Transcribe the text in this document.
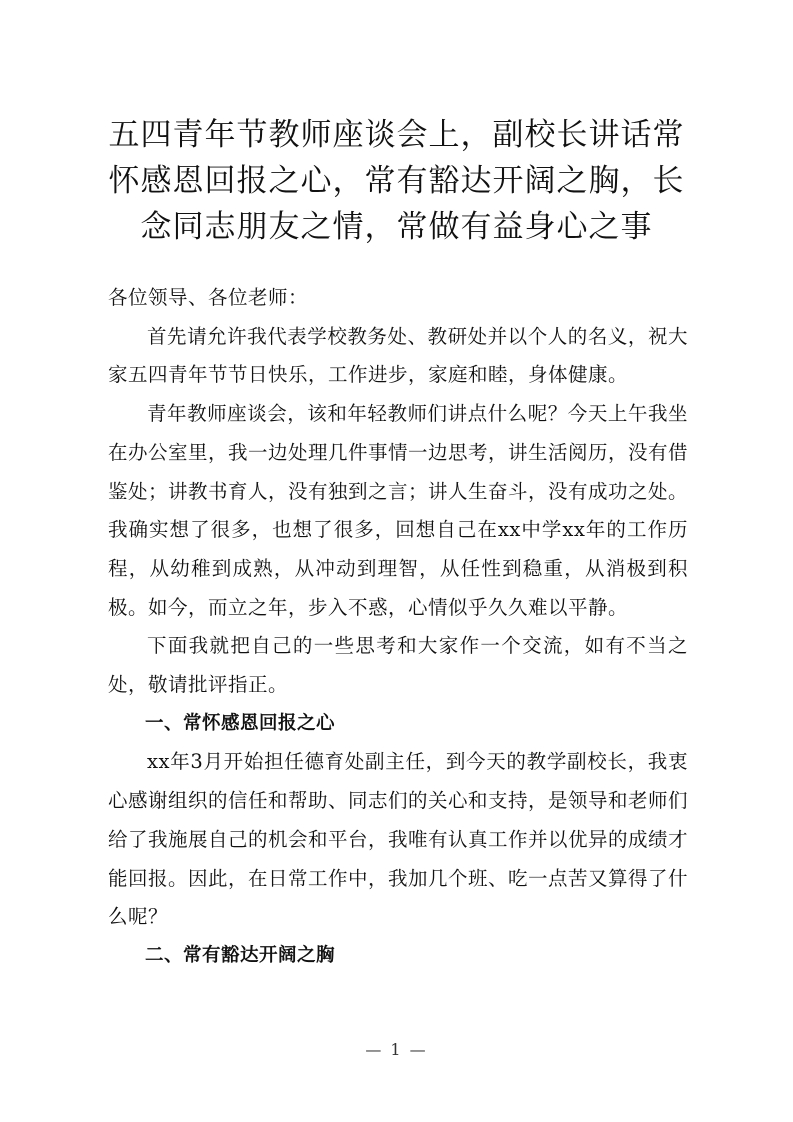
五四青年节教师座谈会上，副校长讲话常怀感恩回报之心，常有豁达开阔之胸，长念同志朋友之情，常做有益身心之事

各位领导、各位老师：

首先请允许我代表学校教务处、教研处并以个人的名义，祝大家五四青年节节日快乐，工作进步，家庭和睦，身体健康。

青年教师座谈会，该和年轻教师们讲点什么呢？今天上午我坐在办公室里，我一边处理几件事情一边思考，讲生活阅历，没有借鉴处；讲教书育人，没有独到之言；讲人生奋斗，没有成功之处。我确实想了很多，也想了很多，回想自己在xx中学xx年的工作历程，从幼稚到成熟，从冲动到理智，从任性到稳重，从消极到积极。如今，而立之年，步入不惑，心情似乎久久难以平静。

下面我就把自己的一些思考和大家作一个交流，如有不当之处，敬请批评指正。

一、常怀感恩回报之心

xx年3月开始担任德育处副主任，到今天的教学副校长，我衷心感谢组织的信任和帮助、同志们的关心和支持，是领导和老师们给了我施展自己的机会和平台，我唯有认真工作并以优异的成绩才能回报。因此，在日常工作中，我加几个班、吃一点苦又算得了什么呢？

二、常有豁达开阔之胸

— 1 —
